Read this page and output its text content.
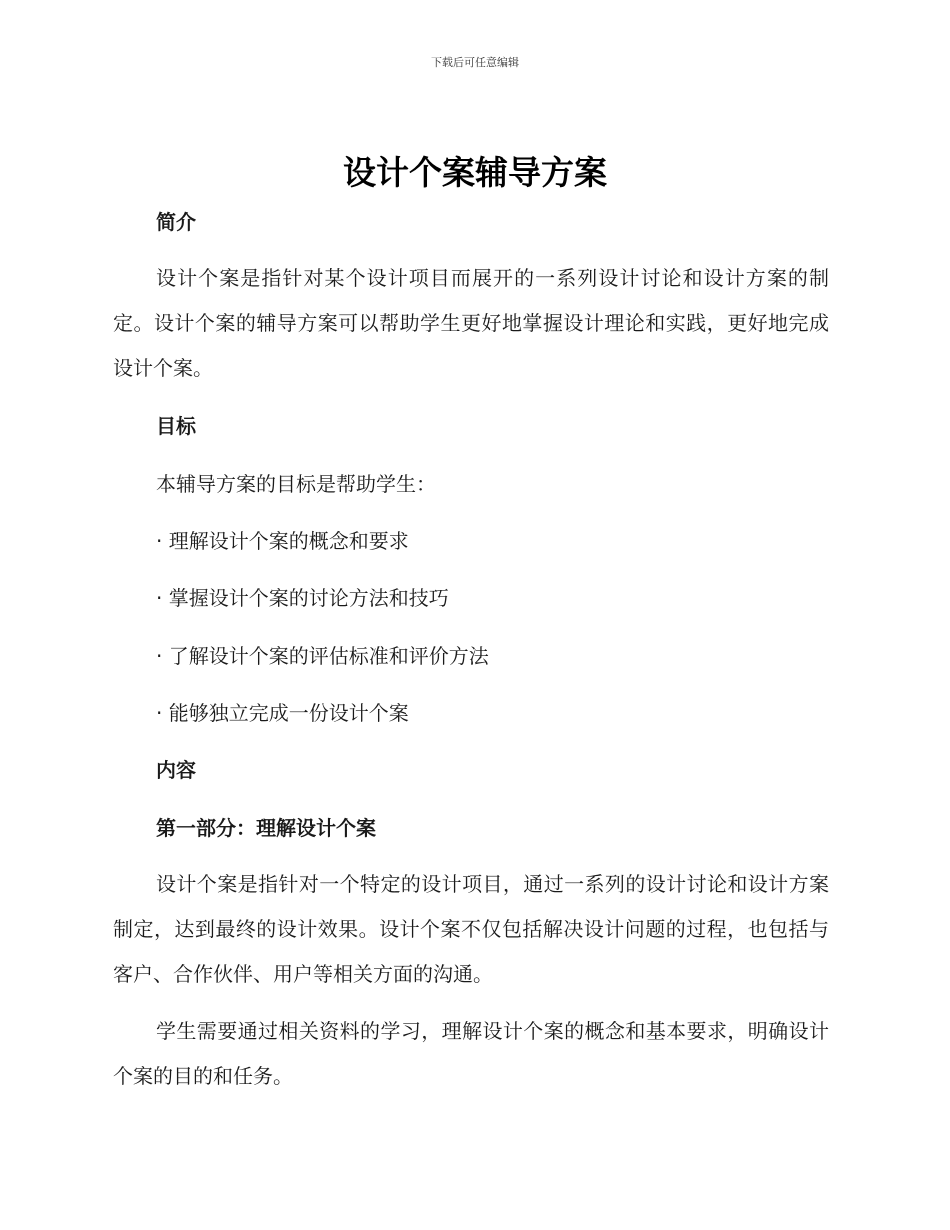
下载后可任意编辑
设计个案辅导方案
简介

设计个案是指针对某个设计项目而展开的一系列设计讨论和设计方案的制定。设计个案的辅导方案可以帮助学生更好地掌握设计理论和实践，更好地完成设计个案。

目标
本辅导方案的目标是帮助学生：
· 理解设计个案的概念和要求
· 掌握设计个案的讨论方法和技巧
· 了解设计个案的评估标准和评价方法
· 能够独立完成一份设计个案
内容
第一部分：理解设计个案

设计个案是指针对一个特定的设计项目，通过一系列的设计讨论和设计方案制定，达到最终的设计效果。设计个案不仅包括解决设计问题的过程，也包括与客户、合作伙伴、用户等相关方面的沟通。

学生需要通过相关资料的学习，理解设计个案的概念和基本要求，明确设计个案的目的和任务。
